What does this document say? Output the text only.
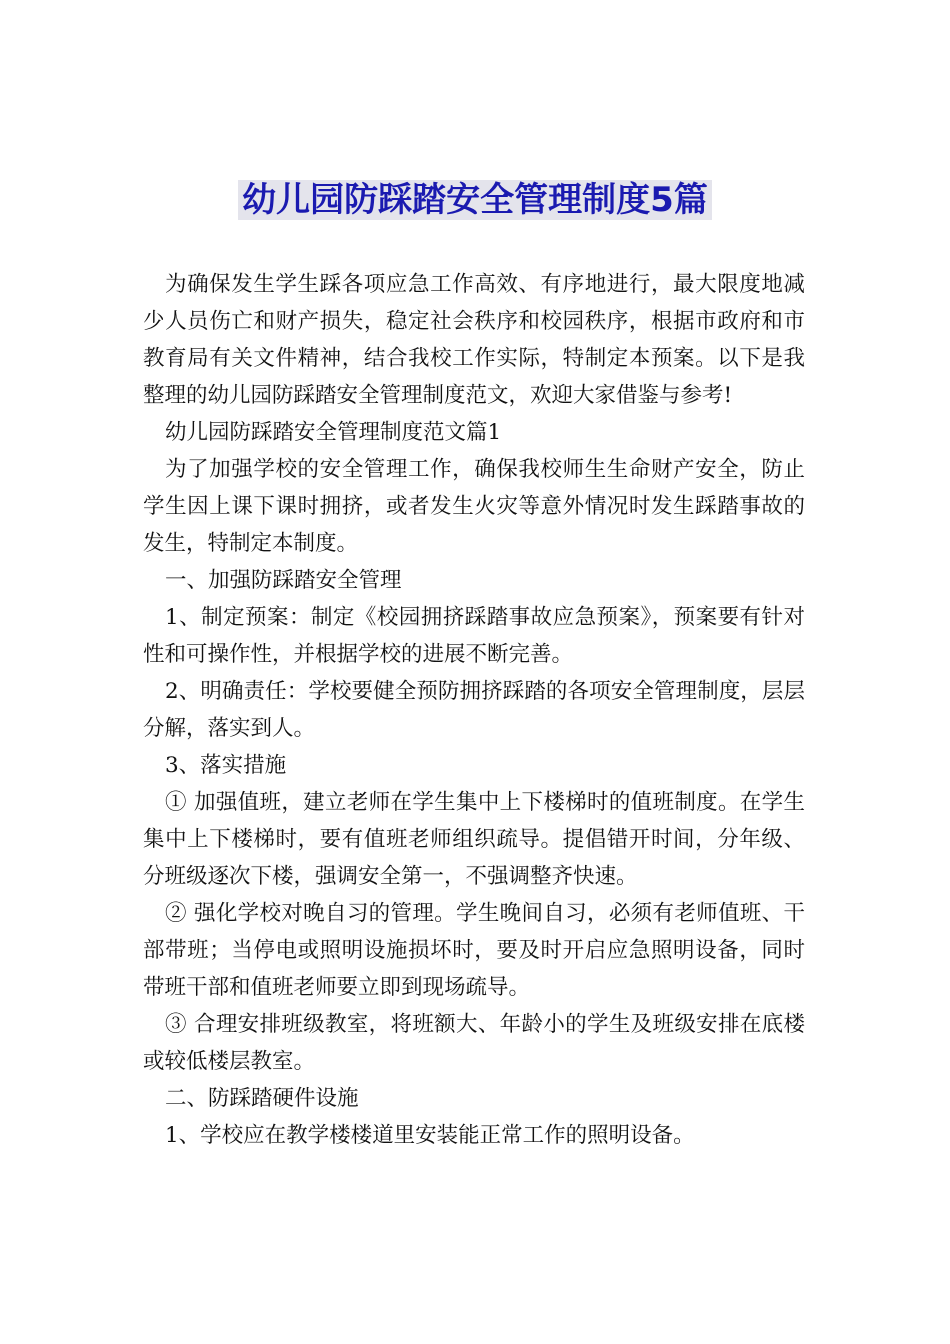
幼儿园防踩踏安全管理制度5篇

为确保发生学生踩各项应急工作高效、有序地进行，最大限度地减少人员伤亡和财产损失，稳定社会秩序和校园秩序，根据市政府和市教育局有关文件精神，结合我校工作实际，特制定本预案。以下是我整理的幼儿园防踩踏安全管理制度范文，欢迎大家借鉴与参考!

幼儿园防踩踏安全管理制度范文篇1

为了加强学校的安全管理工作，确保我校师生生命财产安全，防止学生因上课下课时拥挤，或者发生火灾等意外情况时发生踩踏事故的发生，特制定本制度。

一、加强防踩踏安全管理

1、制定预案：制定《校园拥挤踩踏事故应急预案》，预案要有针对性和可操作性，并根据学校的进展不断完善。

2、明确责任：学校要健全预防拥挤踩踏的各项安全管理制度，层层分解，落实到人。

3、落实措施

① 加强值班，建立老师在学生集中上下楼梯时的值班制度。在学生集中上下楼梯时，要有值班老师组织疏导。提倡错开时间，分年级、分班级逐次下楼，强调安全第一，不强调整齐快速。

② 强化学校对晚自习的管理。学生晚间自习，必须有老师值班、干部带班；当停电或照明设施损坏时，要及时开启应急照明设备，同时带班干部和值班老师要立即到现场疏导。

③ 合理安排班级教室，将班额大、年龄小的学生及班级安排在底楼或较低楼层教室。

二、防踩踏硬件设施

1、学校应在教学楼楼道里安装能正常工作的照明设备。
